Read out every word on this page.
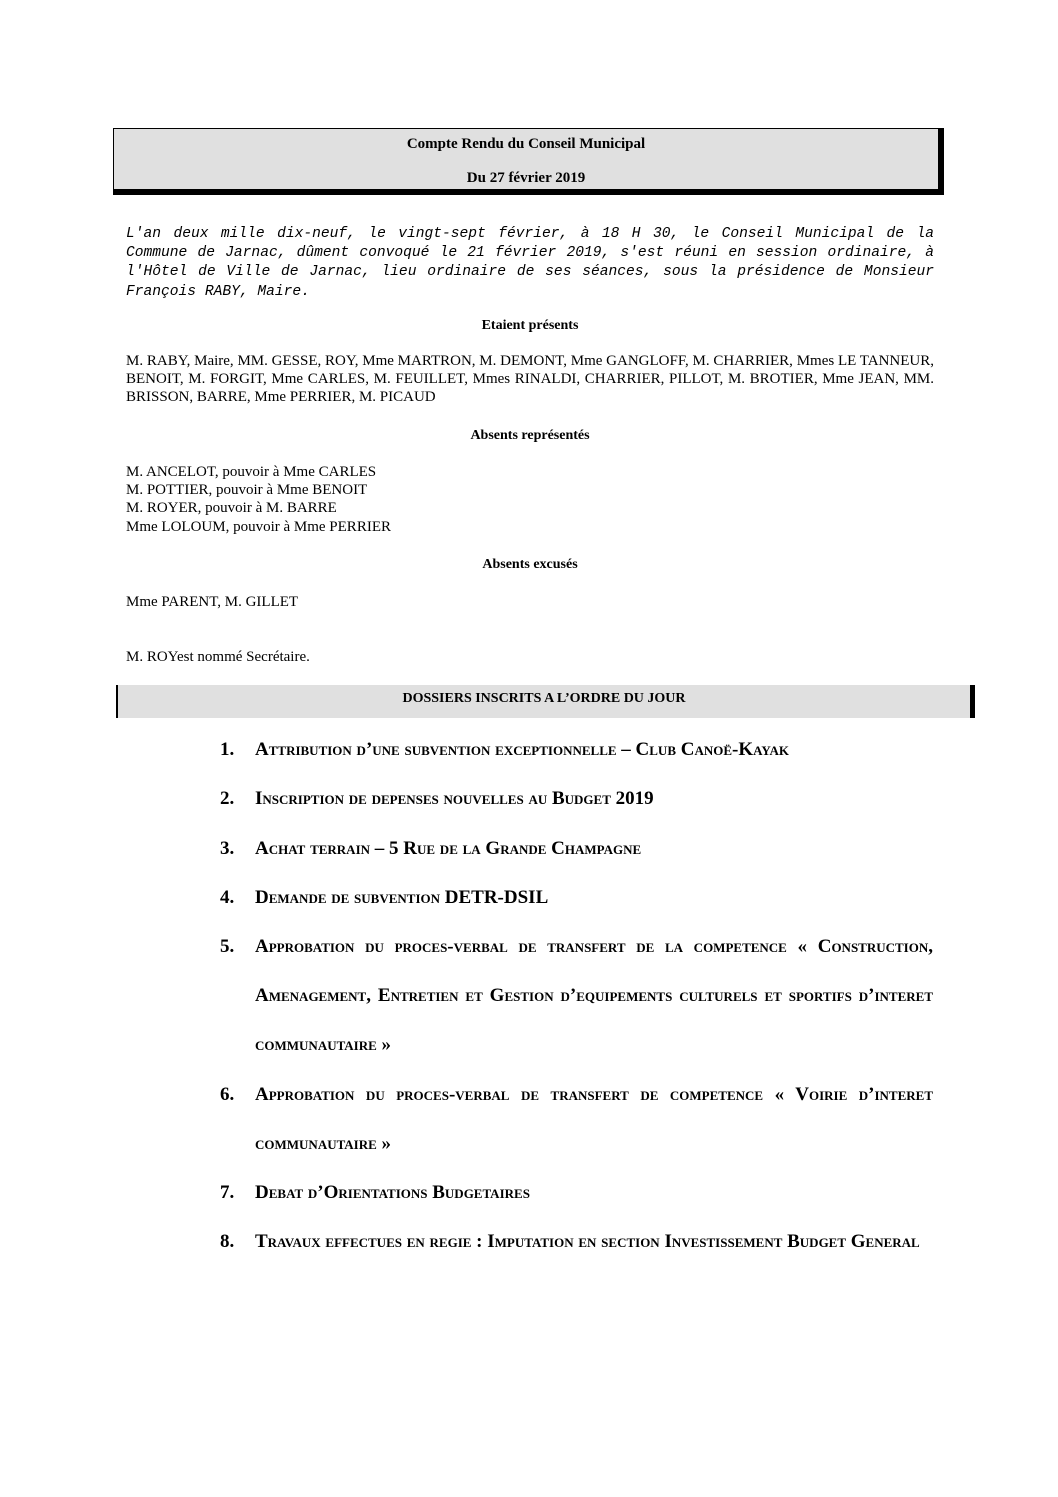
Compte Rendu du Conseil Municipal
Du 27 février 2019

L'an deux mille dix-neuf, le vingt-sept février, à 18 H 30, le Conseil Municipal de la Commune de Jarnac, dûment convoqué le 21 février 2019, s'est réuni en session ordinaire, à l'Hôtel de Ville de Jarnac, lieu ordinaire de ses séances, sous la présidence de Monsieur François RABY, Maire.

Etaient présents

M. RABY, Maire, MM. GESSE, ROY, Mme MARTRON, M. DEMONT, Mme GANGLOFF, M. CHARRIER, Mmes LE TANNEUR, BENOIT, M. FORGIT, Mme CARLES, M. FEUILLET, Mmes RINALDI, CHARRIER, PILLOT, M. BROTIER, Mme JEAN, MM. BRISSON, BARRE, Mme PERRIER, M. PICAUD

Absents représentés
M. ANCELOT, pouvoir à Mme CARLES
M. POTTIER, pouvoir à Mme BENOIT
M. ROYER, pouvoir à M. BARRE
Mme LOLOUM, pouvoir à Mme PERRIER
Absents excusés
Mme PARENT, M. GILLET
M. ROYest nommé Secrétaire.
DOSSIERS INSCRITS A L’ORDRE DU JOUR
1.	Attribution d’une subvention exceptionnelle – Club Canoë-Kayak
2.	Inscription de depenses nouvelles au Budget 2019
3.	Achat terrain – 5 Rue de la Grande Champagne
4.	Demande de subvention DETR-DSIL
5.	Approbation du proces-verbal de transfert de la competence « Construction, Amenagement, Entretien et Gestion d’equipements culturels et sportifs d’interet communautaire »
6.	Approbation du proces-verbal de transfert de competence « Voirie d’interet communautaire »
7.	Debat d’Orientations Budgetaires
8.	Travaux effectues en regie : Imputation en section Investissement Budget General
